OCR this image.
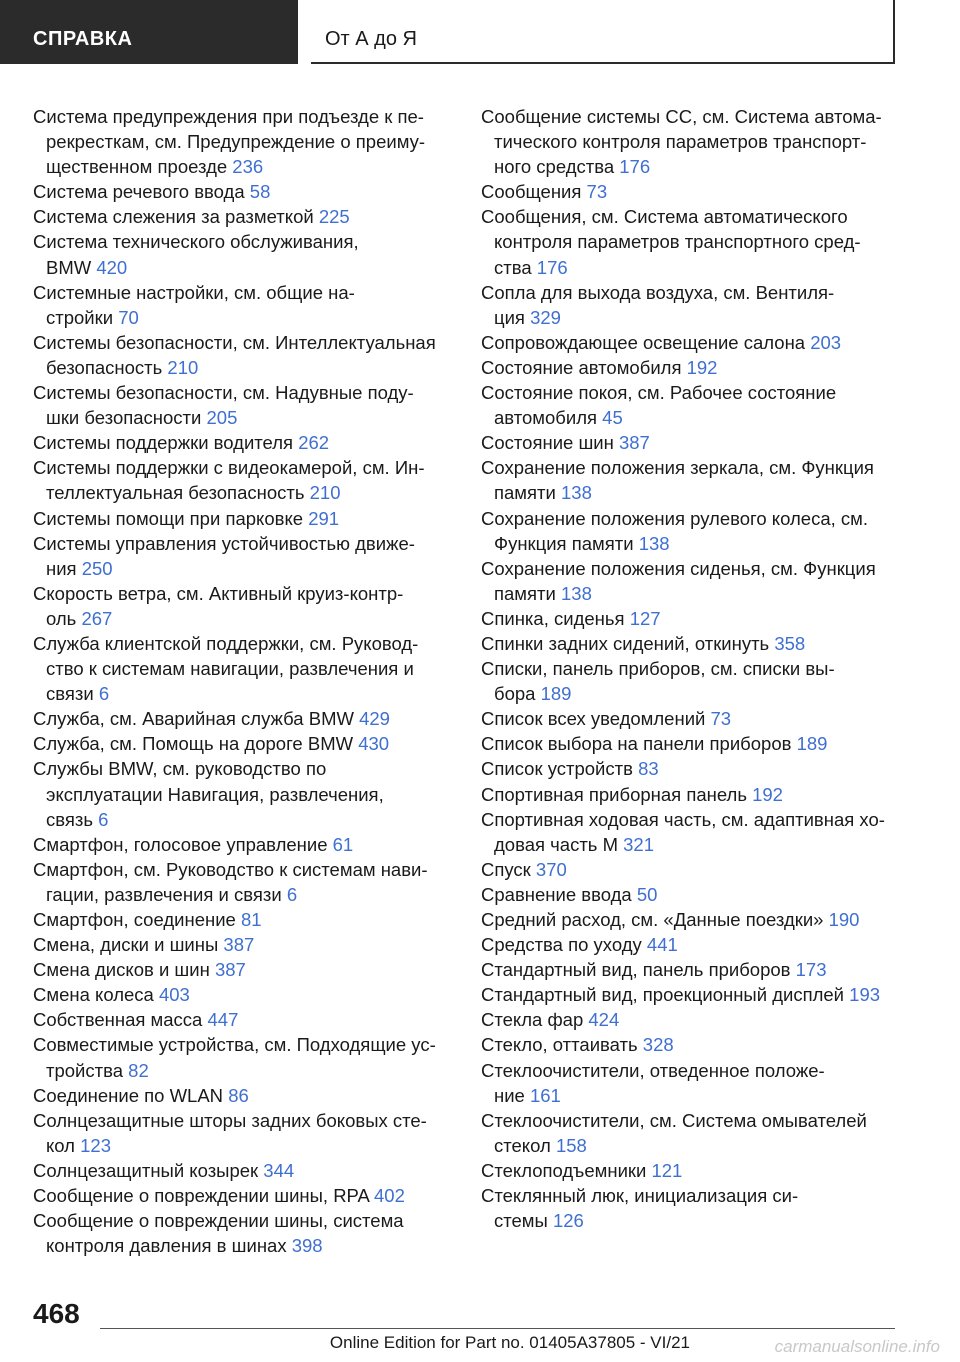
СПРАВКА	От А до Я
Система предупреждения при подъезде к пе-
рекресткам, см. Предупреждение о преиму-
щественном проезде 236
Система речевого ввода 58
Система слежения за разметкой 225
Система технического обслуживания,
BMW 420
Системные настройки, см. общие на-
стройки 70
Системы безопасности, см. Интеллектуальная
безопасность 210
Системы безопасности, см. Надувные поду-
шки безопасности 205
Системы поддержки водителя 262
Системы поддержки с видеокамерой, см. Ин-
теллектуальная безопасность 210
Системы помощи при парковке 291
Системы управления устойчивостью движе-
ния 250
Скорость ветра, см. Активный круиз-контр-
оль 267
Служба клиентской поддержки, см. Руковод-
ство к системам навигации, развлечения и
связи 6
Служба, см. Аварийная служба BMW 429
Служба, см. Помощь на дороге BMW 430
Службы BMW, см. руководство по
эксплуатации Навигация, развлечения,
связь 6
Смартфон, голосовое управление 61
Смартфон, см. Руководство к системам нави-
гации, развлечения и связи 6
Смартфон, соединение 81
Смена, диски и шины 387
Смена дисков и шин 387
Смена колеса 403
Собственная масса 447
Совместимые устройства, см. Подходящие ус-
тройства 82
Соединение по WLAN 86
Солнцезащитные шторы задних боковых сте-
кол 123
Солнцезащитный козырек 344
Сообщение о повреждении шины, RPA 402
Сообщение о повреждении шины, система
контроля давления в шинах 398
Сообщение системы CC, см. Система автома-
тического контроля параметров транспорт-
ного средства 176
Сообщения 73
Сообщения, см. Система автоматического
контроля параметров транспортного сред-
ства 176
Сопла для выхода воздуха, см. Вентиля-
ция 329
Сопровождающее освещение салона 203
Состояние автомобиля 192
Состояние покоя, см. Рабочее состояние
автомобиля 45
Состояние шин 387
Сохранение положения зеркала, см. Функция
памяти 138
Сохранение положения рулевого колеса, см.
Функция памяти 138
Сохранение положения сиденья, см. Функция
памяти 138
Спинка, сиденья 127
Спинки задних сидений, откинуть 358
Списки, панель приборов, см. списки вы-
бора 189
Список всех уведомлений 73
Список выбора на панели приборов 189
Список устройств 83
Спортивная приборная панель 192
Спортивная ходовая часть, см. адаптивная хо-
довая часть M 321
Спуск 370
Сравнение ввода 50
Средний расход, см. «Данные поездки» 190
Средства по уходу 441
Стандартный вид, панель приборов 173
Стандартный вид, проекционный дисплей 193
Стекла фар 424
Стекло, оттаивать 328
Стеклоочистители, отведенное положе-
ние 161
Стеклоочистители, см. Система омывателей
стекол 158
Стеклоподъемники 121
Стеклянный люк, инициализация си-
стемы 126
468
Online Edition for Part no. 01405A37805 - VI/21	carmanualsonline.info
